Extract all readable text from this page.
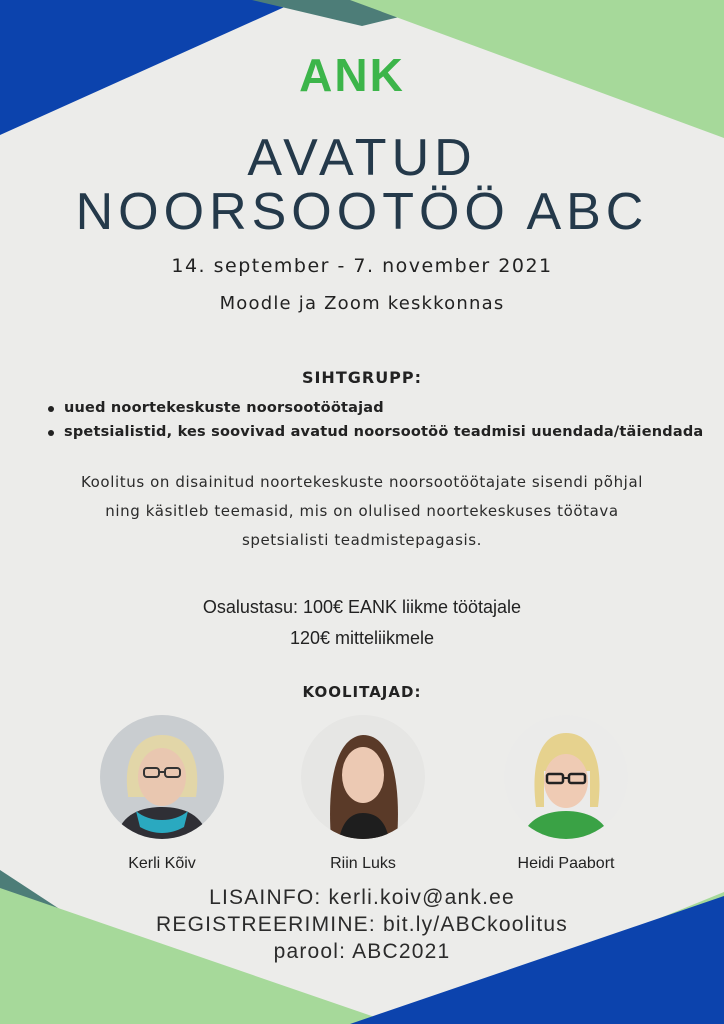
ANK
AVATUD
NOORSOOTÖÖ ABC
14. september - 7. november 2021
Moodle ja Zoom keskkonnas
SIHTGRUPP:
uued noortekeskuste noorsootöötajad
spetsialistid, kes soovivad avatud noorsootöö teadmisi uuendada/täiendada
Koolitus on disainitud noortekeskuste noorsootöötajate sisendi põhjal
ning käsitleb teemasid, mis on olulised noortekeskuses töötava
spetsialisti teadmistepagasis.
Osalustasu: 100€ EANK liikme töötajale
120€ mitteliikmele
KOOLITAJAD:
Kerli Kõiv	Riin Luks	Heidi Paabort
LISAINFO: kerli.koiv@ank.ee
REGISTREERIMINE: bit.ly/ABCkoolitus
parool: ABC2021
